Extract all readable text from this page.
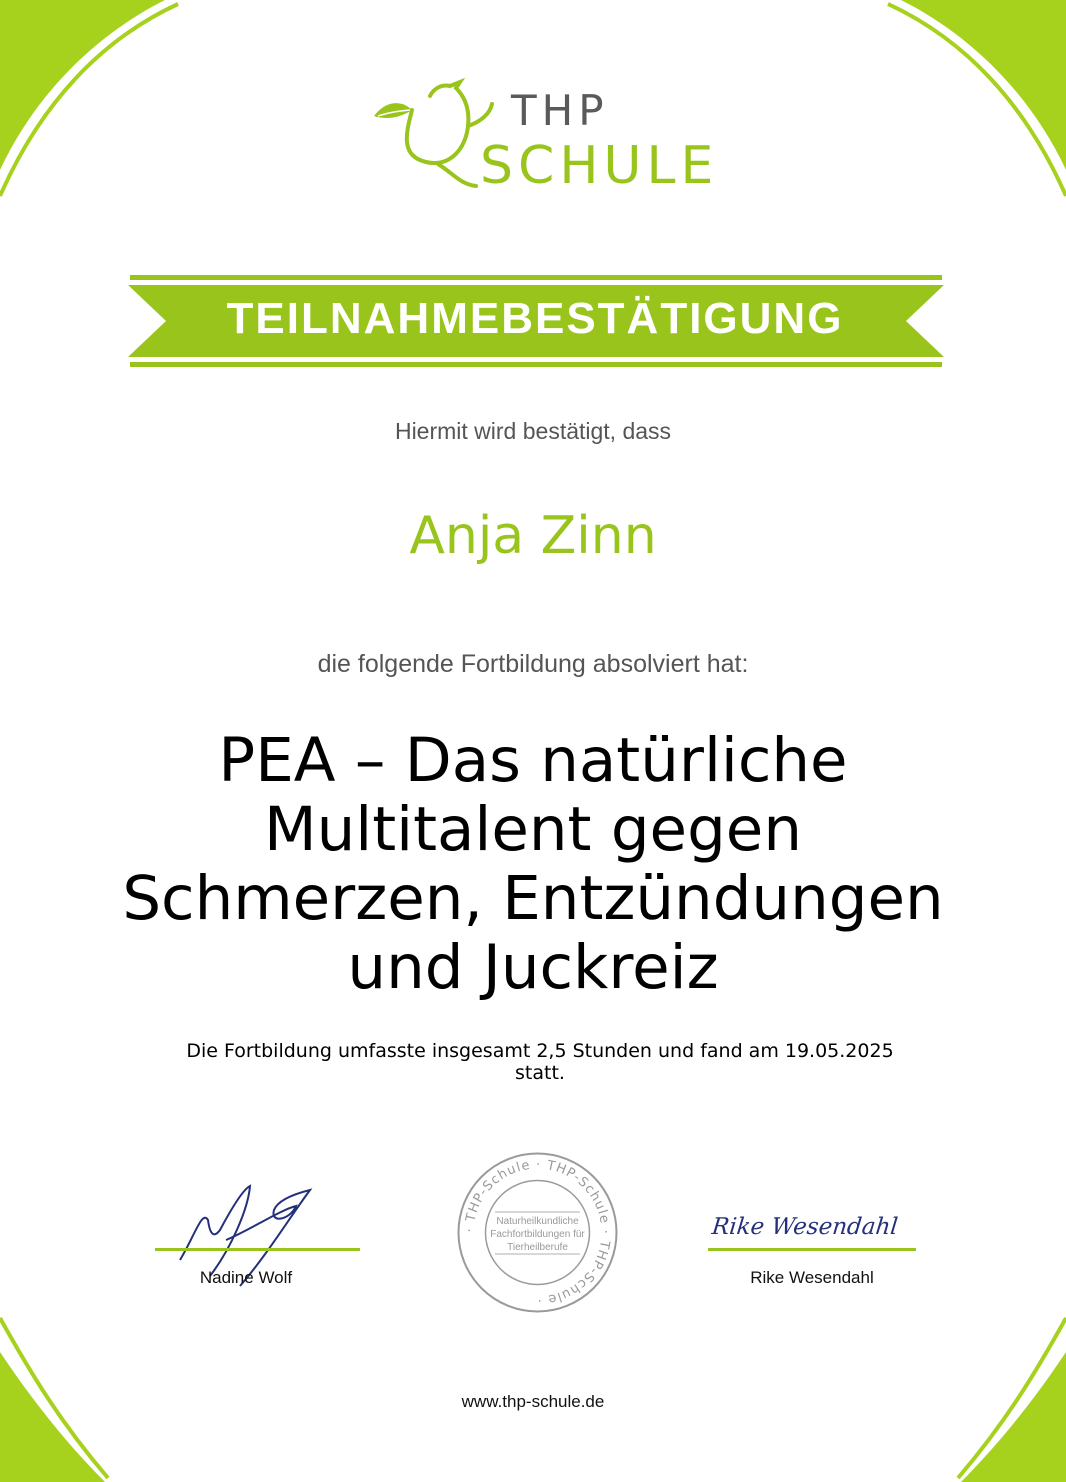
THP
SCHULE
TEILNAHMEBESTÄTIGUNG
Hiermit wird bestätigt, dass
Anja Zinn
die folgende Fortbildung absolviert hat:
PEA – Das natürliche
Multitalent gegen
Schmerzen, Entzündungen
und Juckreiz
Die Fortbildung umfasste insgesamt 2,5 Stunden und fand am 19.05.2025
statt.
Nadine Wolf
· THP-Schule · THP-Schule · THP-Schule ·
Naturheilkundliche
Fachfortbildungen für
Tierheilberufe
Rike Wesendahl
Rike Wesendahl
www.thp-schule.de
